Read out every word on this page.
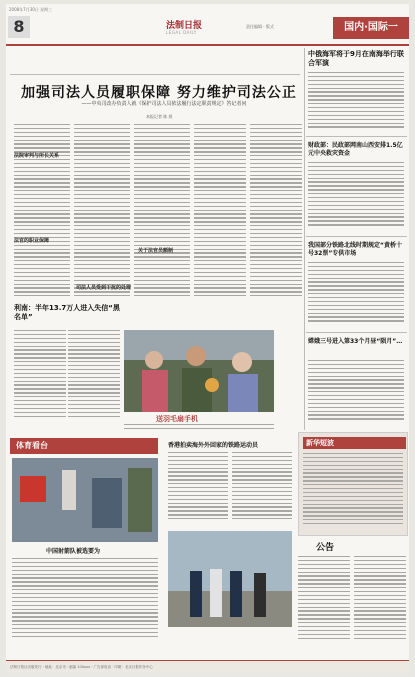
2008年7月30日 星期三
8	法制日报
LEGAL DAILY
责任编辑 · 版式	国内·国际一
加强司法人员履职保障 努力维护司法公正
——中央司改办负责人就《保护司法人员依法履行法定职责规定》答记者问
本报记者 陈 煜
法院审判与所长关系
法官的职业保障
司法人员受到干扰的处理
关于法官员额制
利南：半年13.7万人进入失信“黑名单”
送羽毛扇手机
中俄海军将于9月在南海举行联合军演
财政部：民政部网南山西安排1.5亿元中央救灾资金
我国部分铁路北线时期规定“黄桥十号32票”专供市场
嫦娥三号进入第33个月昼“陨月”…
体育看台
中国射箭队被选要为
香港拍卖海外外回家的铁路运动员	新华短波
公告
法制日报社出版发行 · 地址：北京市 · 邮编 100xxx · 广告部电话 · 印刷：北京日报印务中心
